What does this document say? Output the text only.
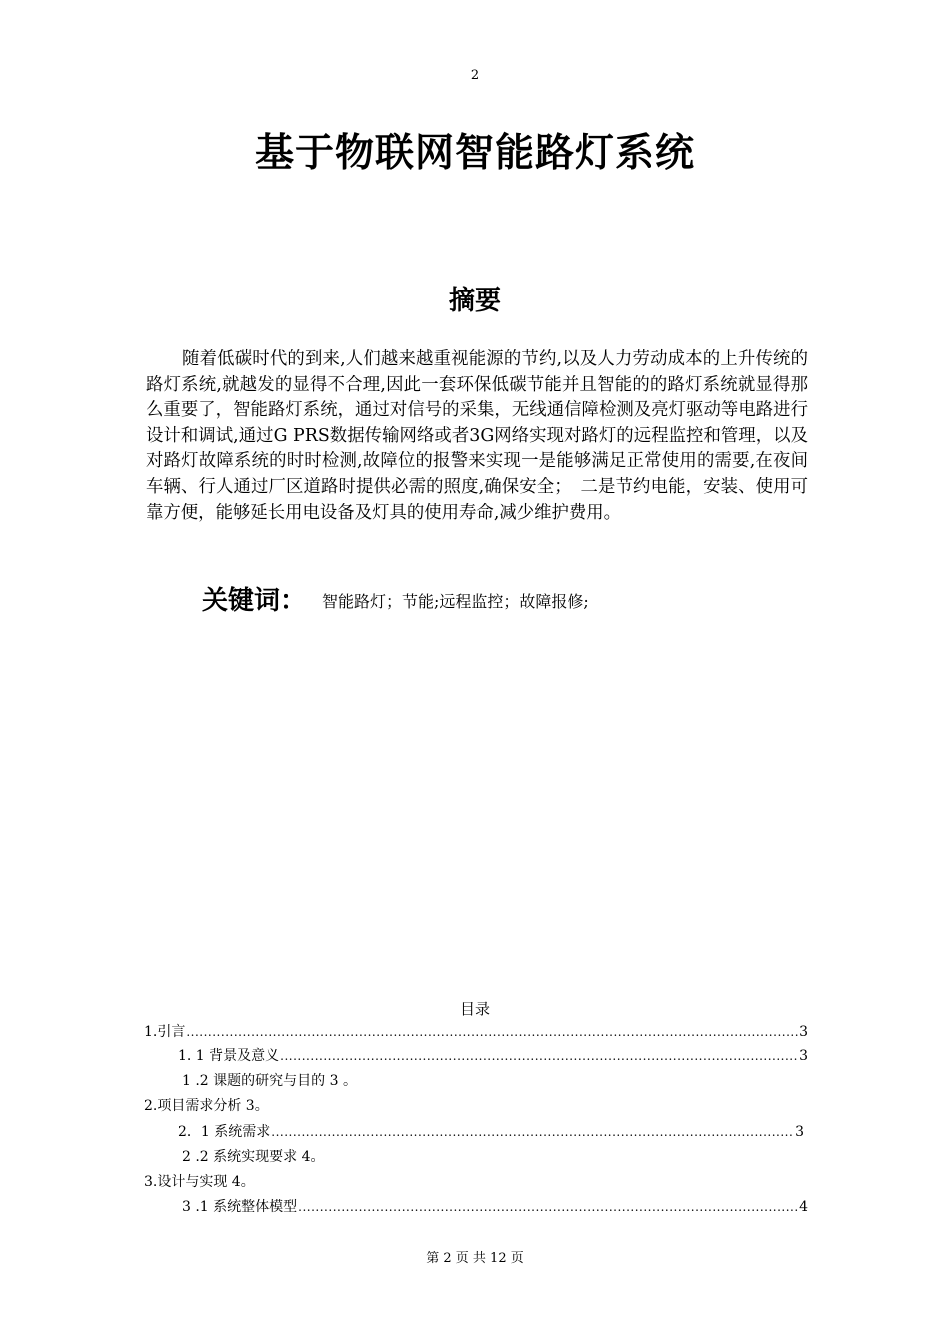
2
基于物联网智能路灯系统
摘要

随着低碳时代的到来,人们越来越重视能源的节约,以及人力劳动成本的上升传统的路灯系统,就越发的显得不合理,因此一套环保低碳节能并且智能的的路灯系统就显得那么重要了，智能路灯系统，通过对信号的采集，无线通信障检测及亮灯驱动等电路进行设计和调试,通过G PRS数据传输网络或者3G网络实现对路灯的远程监控和管理，以及对路灯故障系统的时时检测,故障位的报警来实现一是能够满足正常使用的需要,在夜间车辆、行人通过厂区道路时提供必需的照度,确保安全；　二是节约电能，安装、使用可靠方便，能够延长用电设备及灯具的使用寿命,减少维护费用。

关键词： 智能路灯；节能;远程监控；故障报修;
目录
1.引言 .....	3
1. 1 背景及意义 .....	3
1 .2 课题的研究与目的 3 。
2.项目需求分析 3。
2．1 系统需求 .....	3
2 .2 系统实现要求 4。
3.设计与实现 4。
3 .1 系统整体模型 .....	4
第 2 页 共 12 页
